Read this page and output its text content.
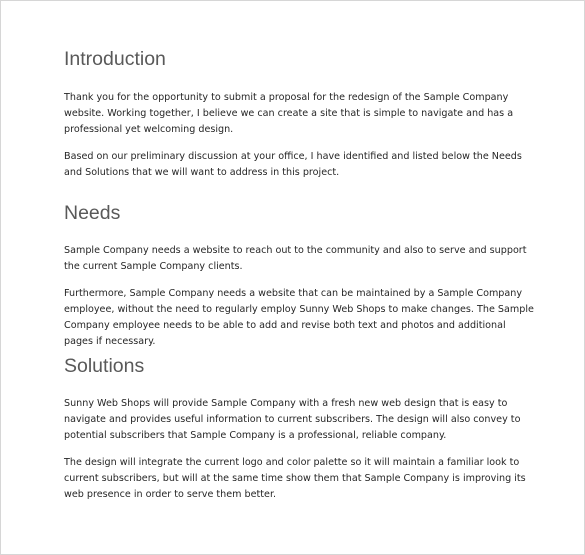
Introduction

Thank you for the opportunity to submit a proposal for the redesign of the Sample Company website. Working together, I believe we can create a site that is simple to navigate and has a professional yet welcoming design.

Based on our preliminary discussion at your office, I have identified and listed below the Needs and Solutions that we will want to address in this project.

Needs

Sample Company needs a website to reach out to the community and also to serve and support the current Sample Company clients.

Furthermore, Sample Company needs a website that can be maintained by a Sample Company employee, without the need to regularly employ Sunny Web Shops to make changes. The Sample Company employee needs to be able to add and revise both text and photos and additional pages if necessary.

Solutions

Sunny Web Shops will provide Sample Company with a fresh new web design that is easy to navigate and provides useful information to current subscribers. The design will also convey to potential subscribers that Sample Company is a professional, reliable company.

The design will integrate the current logo and color palette so it will maintain a familiar look to current subscribers, but will at the same time show them that Sample Company is improving its web presence in order to serve them better.
